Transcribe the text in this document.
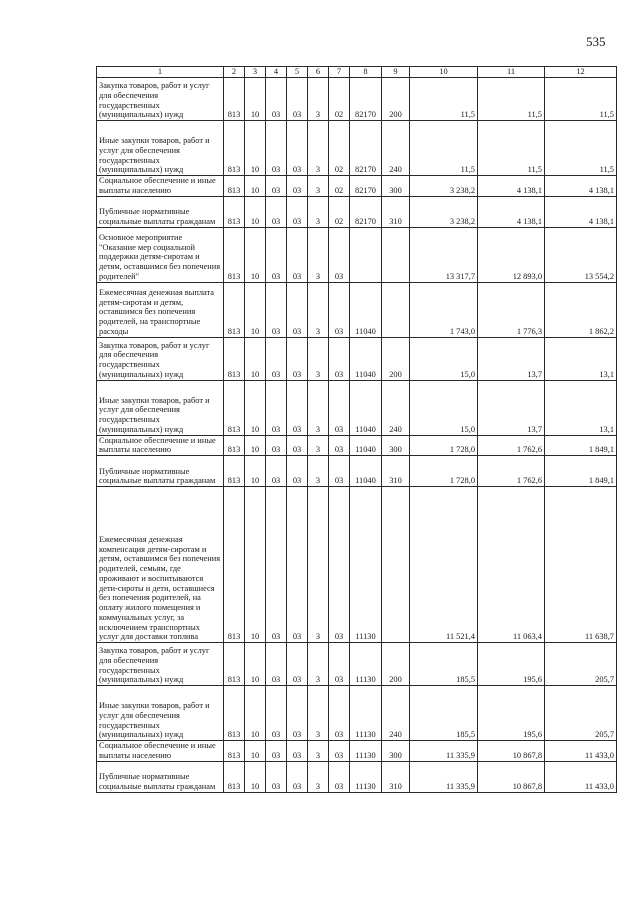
535
1	2	3	4	5	6	7	8	9	10	11	12
Закупка товаров, работ и услуг для обеспечения государственных (муниципальных) нужд	813	10	03	03	3	02	82170	200	11,5	11,5	11,5
Иные закупки товаров, работ и услуг для обеспечения государственных (муниципальных) нужд	813	10	03	03	3	02	82170	240	11,5	11,5	11,5
Социальное обеспечение и иные выплаты населению	813	10	03	03	3	02	82170	300	3 238,2	4 138,1	4 138,1
Публичные нормативные социальные выплаты гражданам	813	10	03	03	3	02	82170	310	3 238,2	4 138,1	4 138,1
Основное мероприятие "Оказание мер социальной поддержки детям-сиротам и детям, оставшимся без попечения родителей"	813	10	03	03	3	03			13 317,7	12 893,0	13 554,2
Ежемесячная денежная выплата детям-сиротам и детям, оставшимся без попечения родителей, на транспортные расходы	813	10	03	03	3	03	11040		1 743,0	1 776,3	1 862,2
Закупка товаров, работ и услуг для обеспечения государственных (муниципальных) нужд	813	10	03	03	3	03	11040	200	15,0	13,7	13,1
Иные закупки товаров, работ и услуг для обеспечения государственных (муниципальных) нужд	813	10	03	03	3	03	11040	240	15,0	13,7	13,1
Социальное обеспечение и иные выплаты населению	813	10	03	03	3	03	11040	300	1 728,0	1 762,6	1 849,1
Публичные нормативные социальные выплаты гражданам	813	10	03	03	3	03	11040	310	1 728,0	1 762,6	1 849,1
Ежемесячная денежная компенсация детям-сиротам и детям, оставшимся без попечения родителей, семьям, где проживают и воспитываются дети-сироты и дети, оставшиеся без попечения родителей, на оплату жилого помещения и коммунальных услуг, за исключением транспортных услуг для доставки топлива	813	10	03	03	3	03	11130		11 521,4	11 063,4	11 638,7
Закупка товаров, работ и услуг для обеспечения государственных (муниципальных) нужд	813	10	03	03	3	03	11130	200	185,5	195,6	205,7
Иные закупки товаров, работ и услуг для обеспечения государственных (муниципальных) нужд	813	10	03	03	3	03	11130	240	185,5	195,6	205,7
Социальное обеспечение и иные выплаты населению	813	10	03	03	3	03	11130	300	11 335,9	10 867,8	11 433,0
Публичные нормативные социальные выплаты гражданам	813	10	03	03	3	03	11130	310	11 335,9	10 867,8	11 433,0
